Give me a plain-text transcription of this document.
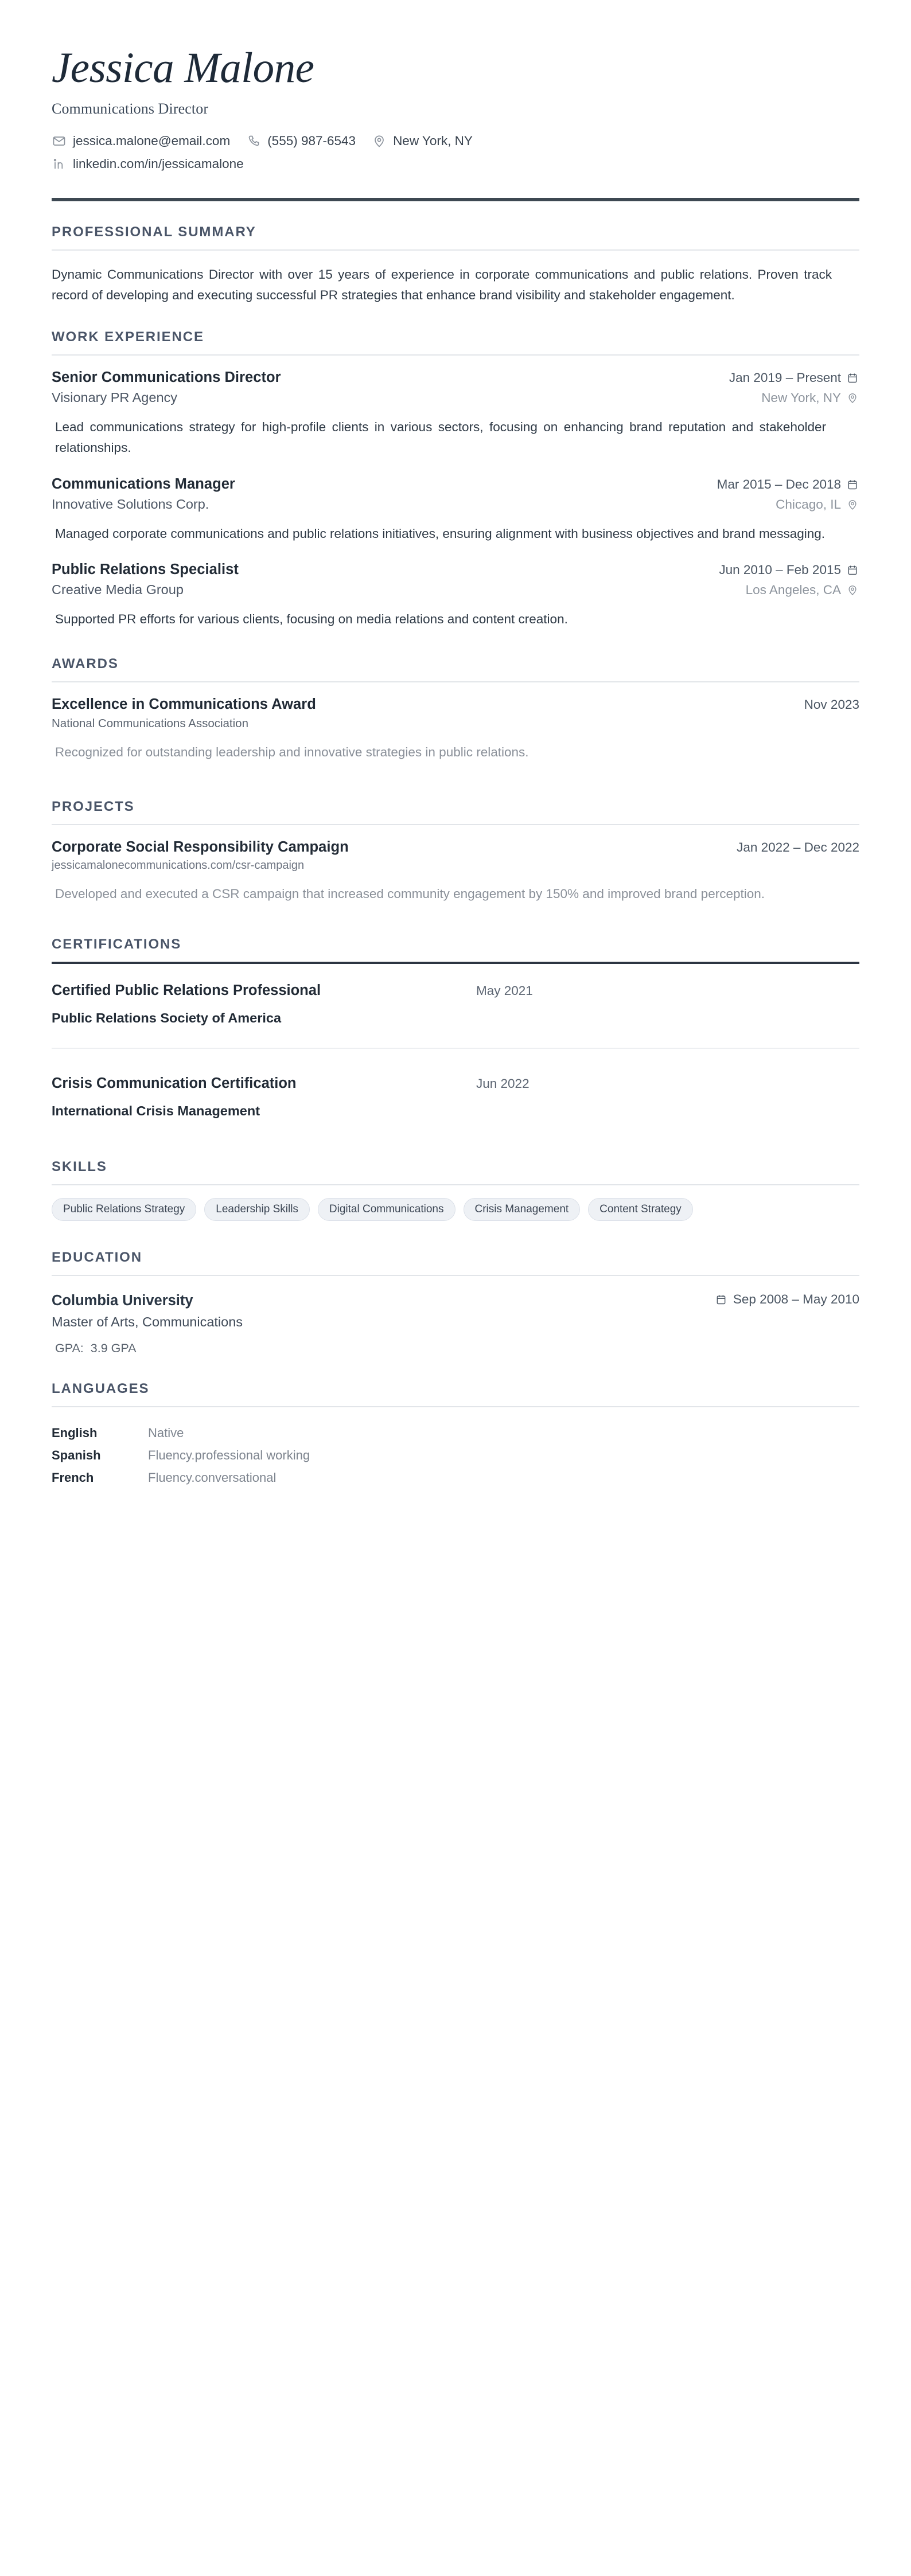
Jessica Malone
Communications Director
jessica.malone@email.com	(555) 987-6543	New York, NY
linkedin.com/in/jessicamalone
PROFESSIONAL SUMMARY
Dynamic Communications Director with over 15 years of experience in corporate communications and public relations. Proven track record of developing and executing successful PR strategies that enhance brand visibility and stakeholder engagement.
WORK EXPERIENCE
Senior Communications Director	Jan 2019 – Present
Visionary PR Agency	New York, NY
Lead communications strategy for high-profile clients in various sectors, focusing on enhancing brand reputation and stakeholder relationships.
Communications Manager	Mar 2015 – Dec 2018
Innovative Solutions Corp.	Chicago, IL
Managed corporate communications and public relations initiatives, ensuring alignment with business objectives and brand messaging.
Public Relations Specialist	Jun 2010 – Feb 2015
Creative Media Group	Los Angeles, CA
Supported PR efforts for various clients, focusing on media relations and content creation.
AWARDS
Excellence in Communications Award	Nov 2023
National Communications Association
Recognized for outstanding leadership and innovative strategies in public relations.
PROJECTS
Corporate Social Responsibility Campaign	Jan 2022 – Dec 2022
jessicamalonecommunications.com/csr-campaign
Developed and executed a CSR campaign that increased community engagement by 150% and improved brand perception.
CERTIFICATIONS
Certified Public Relations Professional	May 2021
Public Relations Society of America
Crisis Communication Certification	Jun 2022
International Crisis Management
SKILLS
Public Relations Strategy	Leadership Skills	Digital Communications	Crisis Management	Content Strategy
EDUCATION
Columbia University	Sep 2008 – May 2010
Master of Arts, Communications
GPA: 3.9 GPA
LANGUAGES
English	Native
Spanish	Fluency.professional working
French	Fluency.conversational
